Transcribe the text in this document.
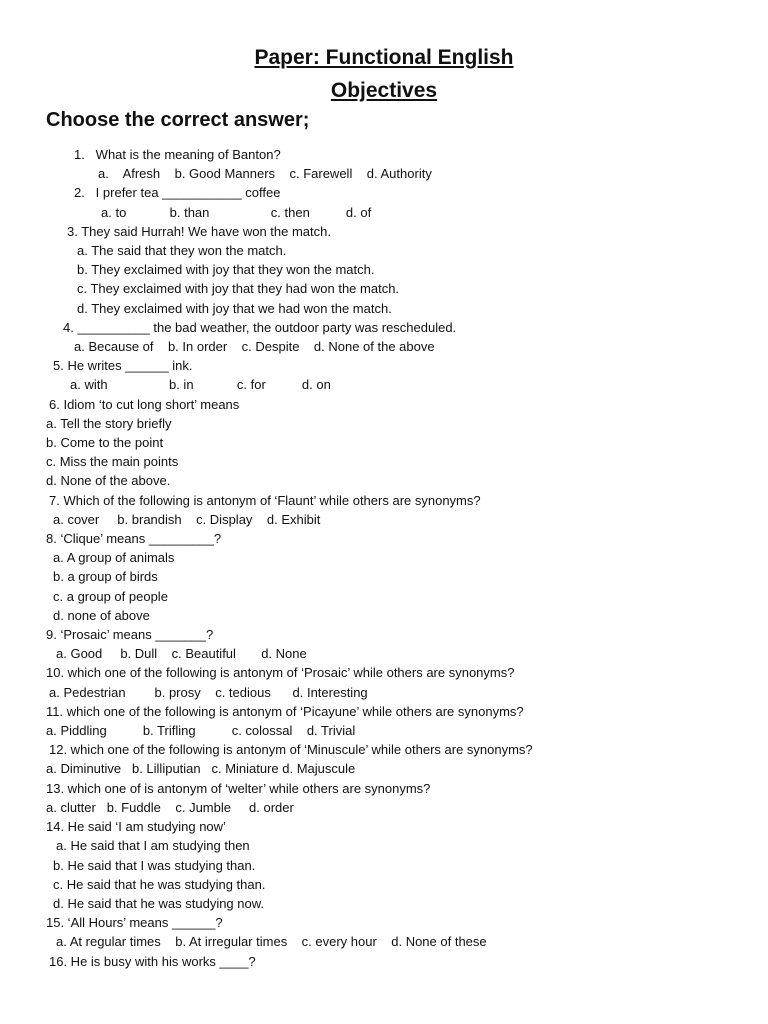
Paper: Functional English
Objectives
Choose the correct answer;
1.   What is the meaning of Banton?
a.    Afresh    b. Good Manners    c. Farewell    d. Authority
2.   I prefer tea ___________ coffee
a. to            b. than                 c. then          d. of
3. They said Hurrah! We have won the match.
a. The said that they won the match.
b. They exclaimed with joy that they won the match.
c. They exclaimed with joy that they had won the match.
d. They exclaimed with joy that we had won the match.
4. __________ the bad weather, the outdoor party was rescheduled.
a. Because of    b. In order    c. Despite    d. None of the above
5. He writes ______ ink.
a. with                 b. in            c. for          d. on
6. Idiom ‘to cut long short’ means
a. Tell the story briefly
b. Come to the point
c. Miss the main points
d. None of the above.
7. Which of the following is antonym of ‘Flaunt’ while others are synonyms?
a. cover     b. brandish    c. Display    d. Exhibit
8. ‘Clique’ means _________?
a. A group of animals
b. a group of birds
c. a group of people
d. none of above
9. ‘Prosaic’ means _______?
a. Good     b. Dull    c. Beautiful       d. None
10. which one of the following is antonym of ‘Prosaic’ while others are synonyms?
a. Pedestrian        b. prosy    c. tedious      d. Interesting
11. which one of the following is antonym of ‘Picayune’ while others are synonyms?
a. Piddling          b. Trifling          c. colossal    d. Trivial
12. which one of the following is antonym of ‘Minuscule’ while others are synonyms?
a. Diminutive   b. Lilliputian   c. Miniature d. Majuscule
13. which one of is antonym of ‘welter’ while others are synonyms?
a. clutter   b. Fuddle    c. Jumble     d. order
14. He said ‘I am studying now’
a. He said that I am studying then
b. He said that I was studying than.
c. He said that he was studying than.
d. He said that he was studying now.
15. ‘All Hours’ means ______?
a. At regular times    b. At irregular times    c. every hour    d. None of these
16. He is busy with his works ____?
